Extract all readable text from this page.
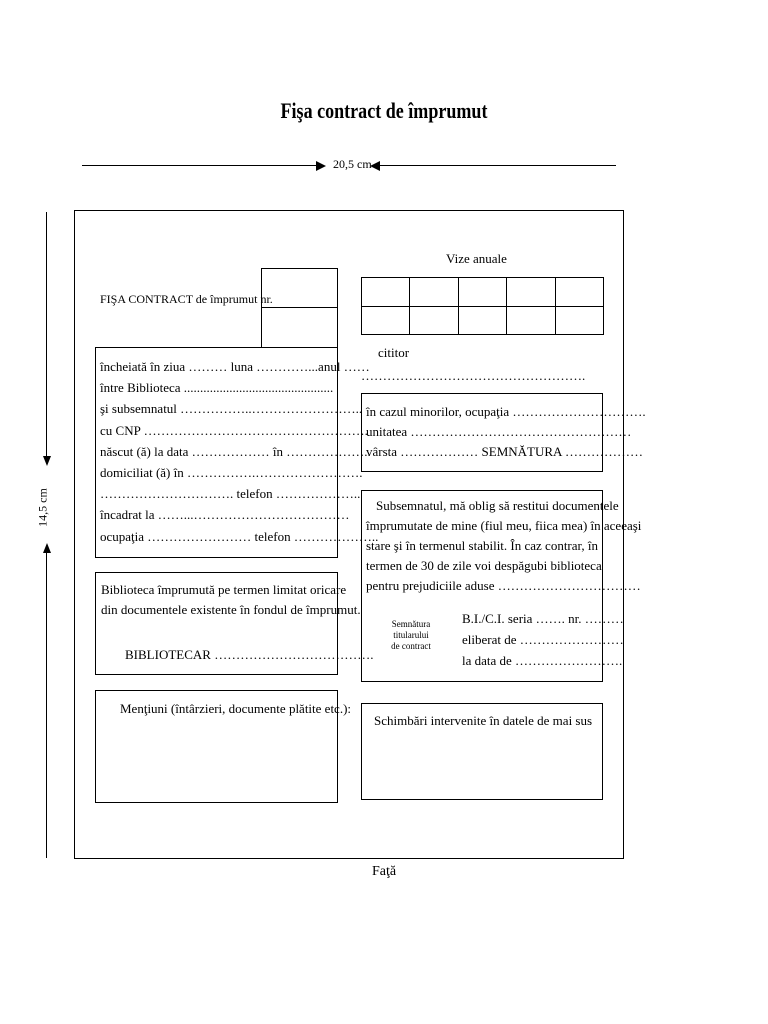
Fişa contract de împrumut
20,5 cm
14,5 cm
FIŞA CONTRACT de împrumut nr.
încheiată în ziua ……… luna …………...anul ……
între Biblioteca ..............................................
şi subsemnatul ……………..……………………..
cu CNP …………………………………………….
născut (ă) la data ……………… în ………………..
domiciliat (ă) în …………….…………………….
…………………………. telefon ………………..
încadrat la ……...………………………………
ocupaţia …………………… telefon ………………..
Biblioteca împrumută pe termen limitat oricare
din documentele existente în fondul de împrumut.
BIBLIOTECAR ……………………………….
Menţiuni (întârzieri, documente plătite etc.):
Vize anuale
cititor
…………………………………………….
în cazul minorilor, ocupaţia ………………………….
unitatea ……………………………………………
vârsta ……………… SEMNĂTURA ………………
Subsemnatul, mă oblig să restitui documentele
împrumutate de mine (fiul meu, fiica mea) în aceeaşi
stare şi în termenul stabilit. În caz contrar, în
termen de 30 de zile voi despăgubi biblioteca
pentru prejudiciile aduse ……………………………
Semnătura
titularului
de contract
B.I./C.I. seria ……. nr. ………
eliberat de ……………………
la data de …………………….
Schimbări intervenite în datele de mai sus
Faţă
